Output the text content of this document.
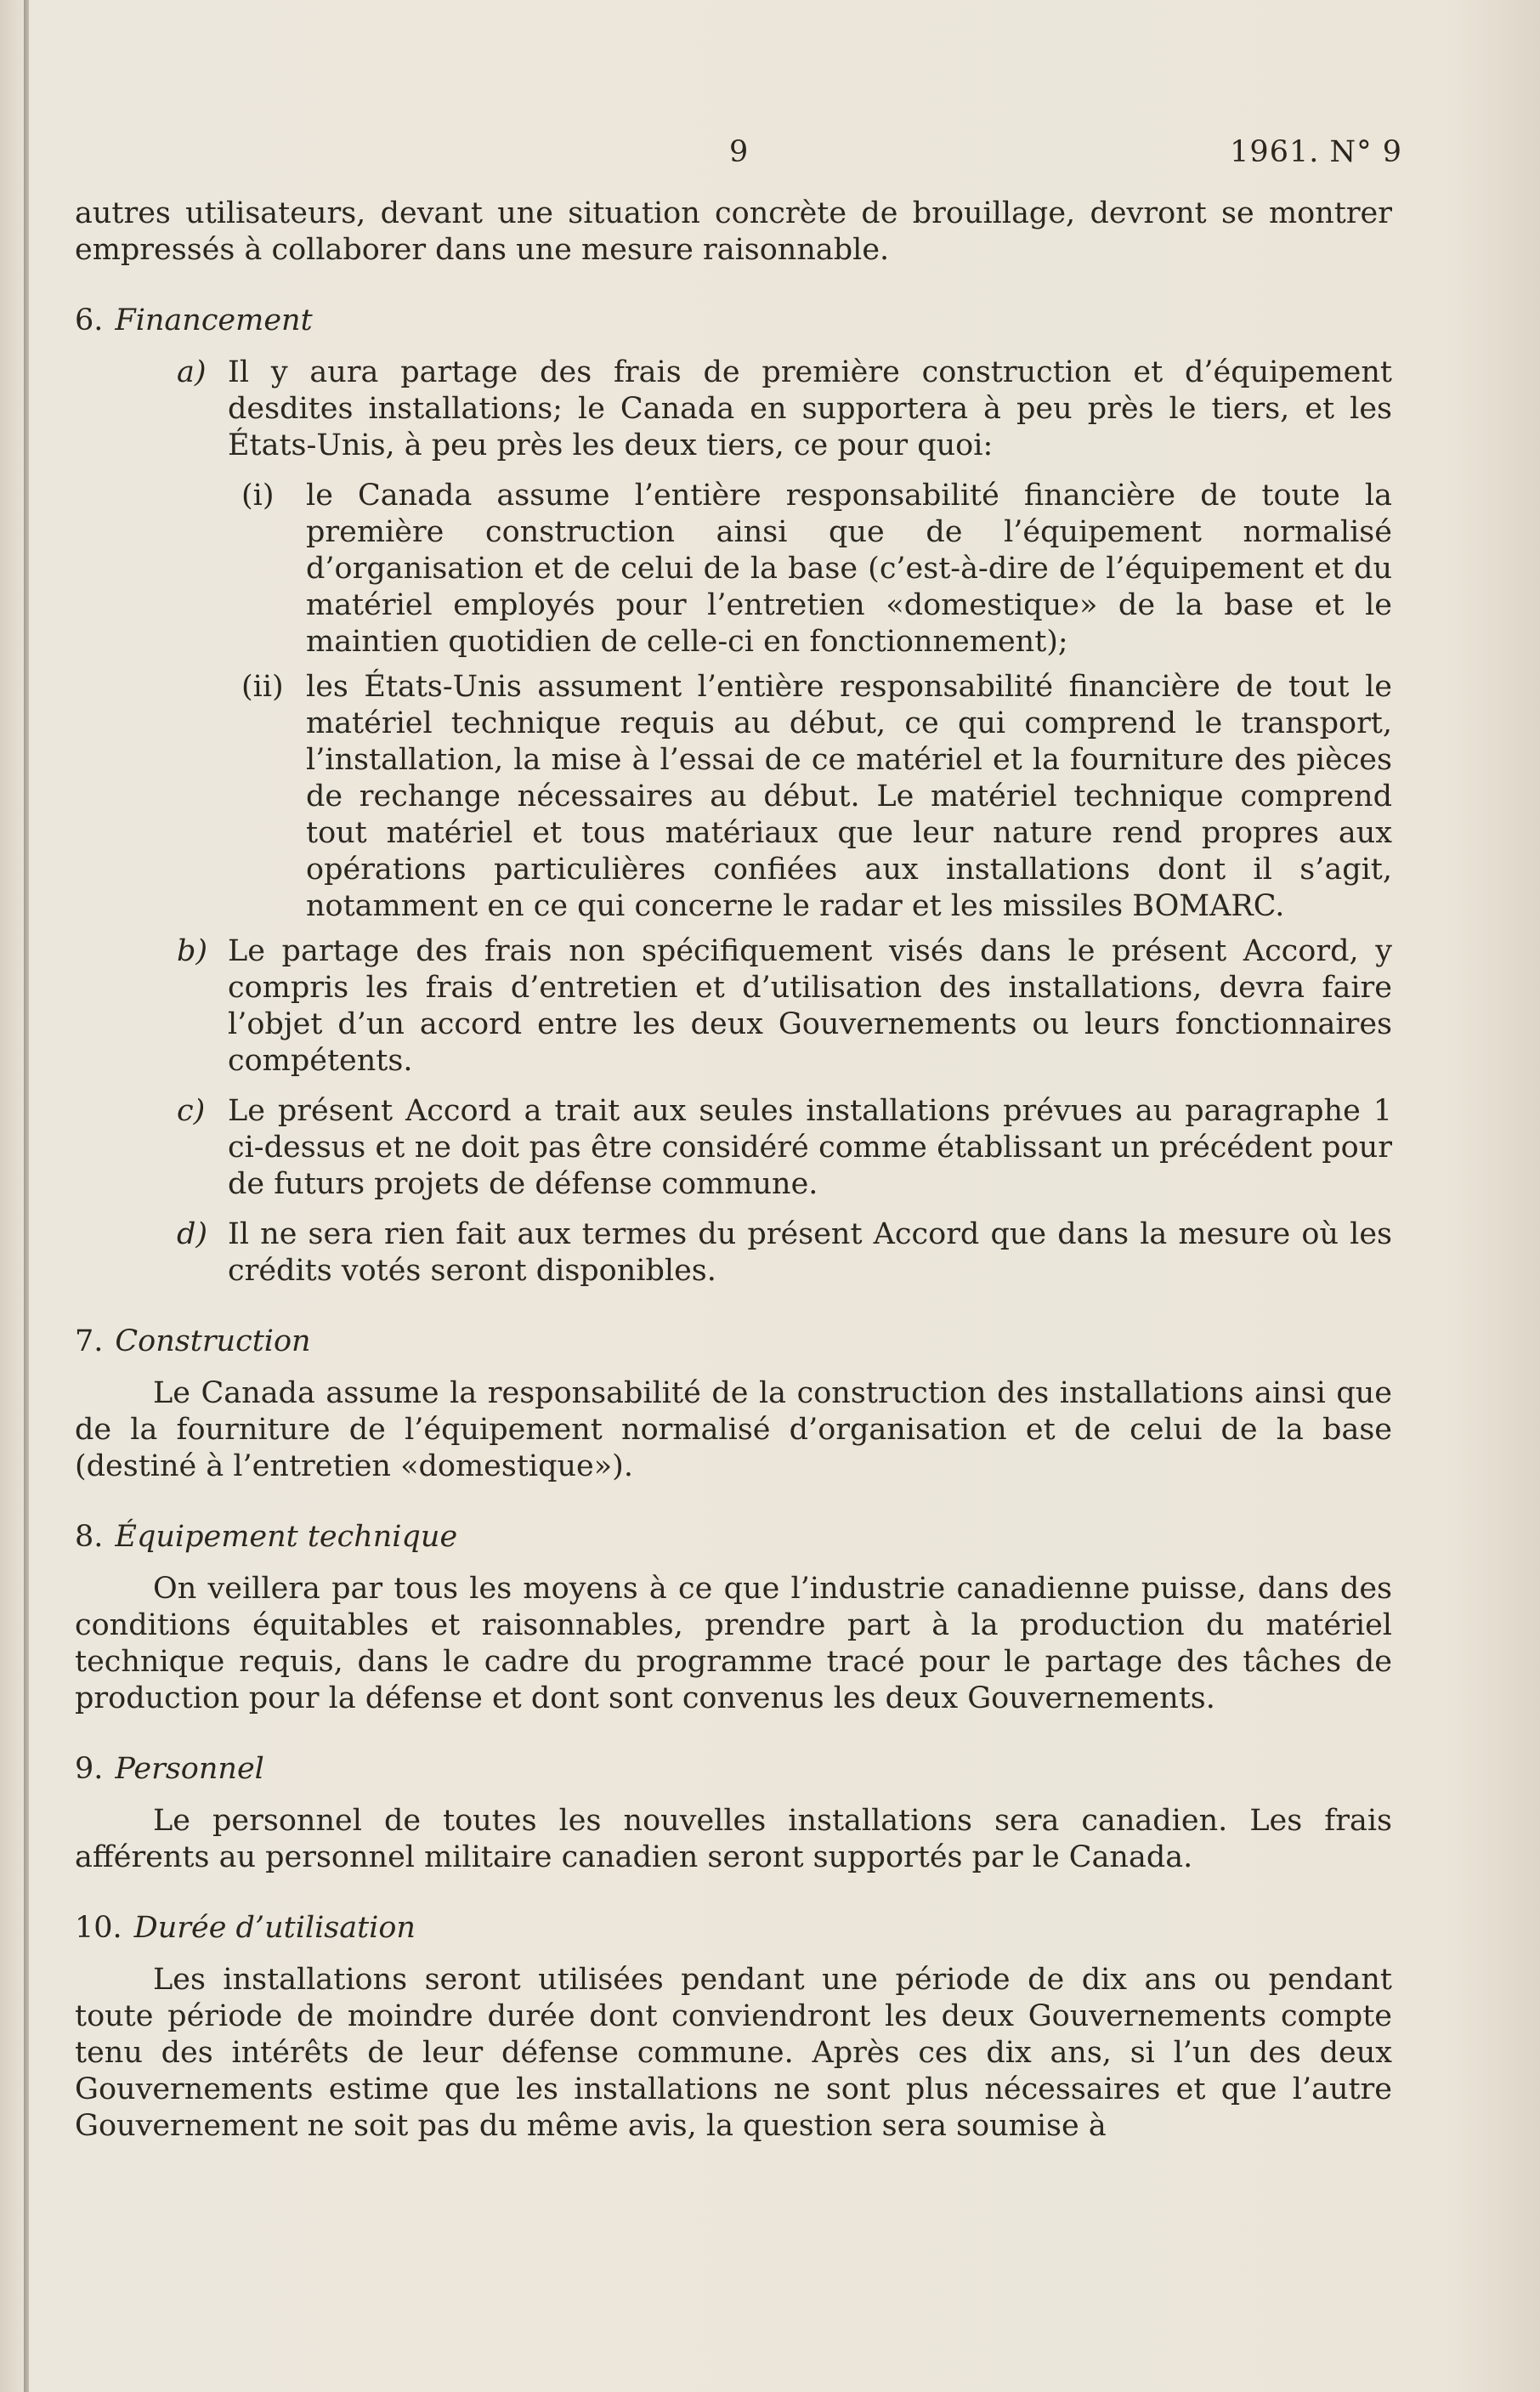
9	1961. N° 9

autres utilisateurs, devant une situation concrète de brouillage, devront se montrer empressés à collaborer dans une mesure raisonnable.

6. Financement
a) Il y aura partage des frais de première construction et d’équipement desdites installations; le Canada en supportera à peu près le tiers, et les États-Unis, à peu près les deux tiers, ce pour quoi:

(i) le Canada assume l’entière responsabilité financière de toute la première construction ainsi que de l’équipement normalisé d’organisation et de celui de la base (c’est-à-dire de l’équipement et du matériel employés pour l’entretien «domestique» de la base et le maintien quotidien de celle-ci en fonctionnement);

(ii) les États-Unis assument l’entière responsabilité financière de tout le matériel technique requis au début, ce qui comprend le transport, l’installation, la mise à l’essai de ce matériel et la fourniture des pièces de rechange nécessaires au début. Le matériel technique comprend tout matériel et tous matériaux que leur nature rend propres aux opérations particulières confiées aux installations dont il s’agit, notamment en ce qui concerne le radar et les missiles BOMARC.

b) Le partage des frais non spécifiquement visés dans le présent Accord, y compris les frais d’entretien et d’utilisation des installations, devra faire l’objet d’un accord entre les deux Gouvernements ou leurs fonctionnaires compétents.

c) Le présent Accord a trait aux seules installations prévues au paragraphe 1 ci-dessus et ne doit pas être considéré comme établissant un précédent pour de futurs projets de défense commune.

d) Il ne sera rien fait aux termes du présent Accord que dans la mesure où les crédits votés seront disponibles.

7. Construction

Le Canada assume la responsabilité de la construction des installations ainsi que de la fourniture de l’équipement normalisé d’organisation et de celui de la base (destiné à l’entretien «domestique»).

8. Équipement technique

On veillera par tous les moyens à ce que l’industrie canadienne puisse, dans des conditions équitables et raisonnables, prendre part à la production du matériel technique requis, dans le cadre du programme tracé pour le partage des tâches de production pour la défense et dont sont convenus les deux Gouvernements.

9. Personnel

Le personnel de toutes les nouvelles installations sera canadien. Les frais afférents au personnel militaire canadien seront supportés par le Canada.

10. Durée d’utilisation

Les installations seront utilisées pendant une période de dix ans ou pendant toute période de moindre durée dont conviendront les deux Gouvernements compte tenu des intérêts de leur défense commune. Après ces dix ans, si l’un des deux Gouvernements estime que les installations ne sont plus nécessaires et que l’autre Gouvernement ne soit pas du même avis, la question sera soumise à
